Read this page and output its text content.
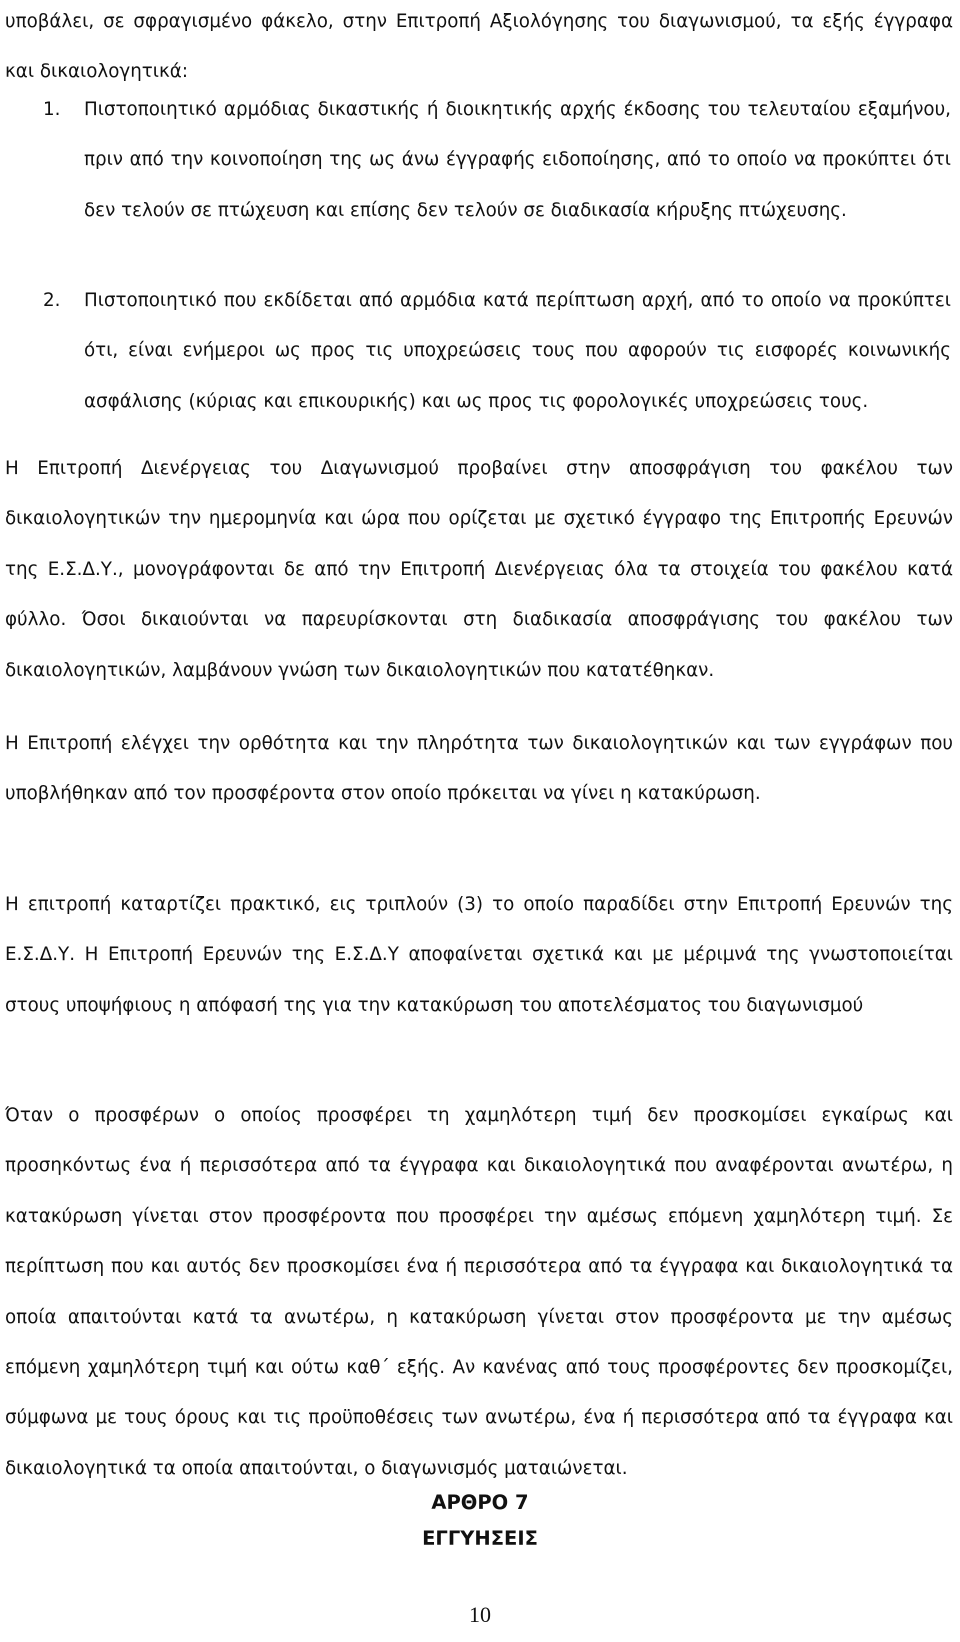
υποβάλει, σε σφραγισμένο φάκελο, στην Επιτροπή Αξιολόγησης του διαγωνισμού, τα εξής έγγραφα και δικαιολογητικά:

1.	Πιστοποιητικό αρμόδιας δικαστικής ή διοικητικής αρχής έκδοσης του τελευταίου εξαμήνου, πριν από την κοινοποίηση της ως άνω έγγραφής ειδοποίησης, από το οποίο να προκύπτει ότι δεν τελούν σε πτώχευση και επίσης δεν τελούν σε διαδικασία κήρυξης πτώχευσης.

2.	Πιστοποιητικό που εκδίδεται από αρμόδια κατά περίπτωση αρχή, από το οποίο να προκύπτει ότι, είναι ενήμεροι ως προς τις υποχρεώσεις τους που αφορούν τις εισφορές κοινωνικής ασφάλισης (κύριας και επικουρικής) και ως προς τις φορολογικές υποχρεώσεις τους.

Η Επιτροπή Διενέργειας του Διαγωνισμού προβαίνει στην αποσφράγιση του φακέλου των δικαιολογητικών την ημερομηνία και ώρα που ορίζεται με σχετικό έγγραφο της Επιτροπής Ερευνών της Ε.Σ.Δ.Υ., μονογράφονται δε από την Επιτροπή Διενέργειας όλα τα στοιχεία του φακέλου κατά φύλλο. Όσοι δικαιούνται να παρευρίσκονται στη διαδικασία αποσφράγισης του φακέλου των δικαιολογητικών, λαμβάνουν γνώση των δικαιολογητικών που κατατέθηκαν.

Η Επιτροπή ελέγχει την ορθότητα και την πληρότητα των δικαιολογητικών και των εγγράφων που υποβλήθηκαν από τον προσφέροντα στον οποίο πρόκειται να γίνει η κατακύρωση.

Η επιτροπή καταρτίζει πρακτικό, εις τριπλούν (3) το οποίο παραδίδει στην Επιτροπή Ερευνών της Ε.Σ.Δ.Υ. Η Επιτροπή Ερευνών της Ε.Σ.Δ.Υ αποφαίνεται σχετικά και με μέριμνά της γνωστοποιείται στους υποψήφιους η απόφασή της για την κατακύρωση του αποτελέσματος του διαγωνισμού

Όταν ο προσφέρων ο οποίος προσφέρει τη χαμηλότερη τιμή δεν προσκομίσει εγκαίρως και προσηκόντως ένα ή περισσότερα από τα έγγραφα και δικαιολογητικά που αναφέρονται ανωτέρω, η κατακύρωση γίνεται στον προσφέροντα που προσφέρει την αμέσως επόμενη χαμηλότερη τιμή. Σε περίπτωση που και αυτός δεν προσκομίσει ένα ή περισσότερα από τα έγγραφα και δικαιολογητικά τα οποία απαιτούνται κατά τα ανωτέρω, η κατακύρωση γίνεται στον προσφέροντα με την αμέσως επόμενη χαμηλότερη τιμή και ούτω καθ΄ εξής. Αν κανένας από τους προσφέροντες δεν προσκομίζει, σύμφωνα με τους όρους και τις προϋποθέσεις των ανωτέρω, ένα ή περισσότερα από τα έγγραφα και δικαιολογητικά τα οποία απαιτούνται, ο διαγωνισμός ματαιώνεται.

ΑΡΘΡΟ 7
ΕΓΓΥΗΣΕΙΣ
10
